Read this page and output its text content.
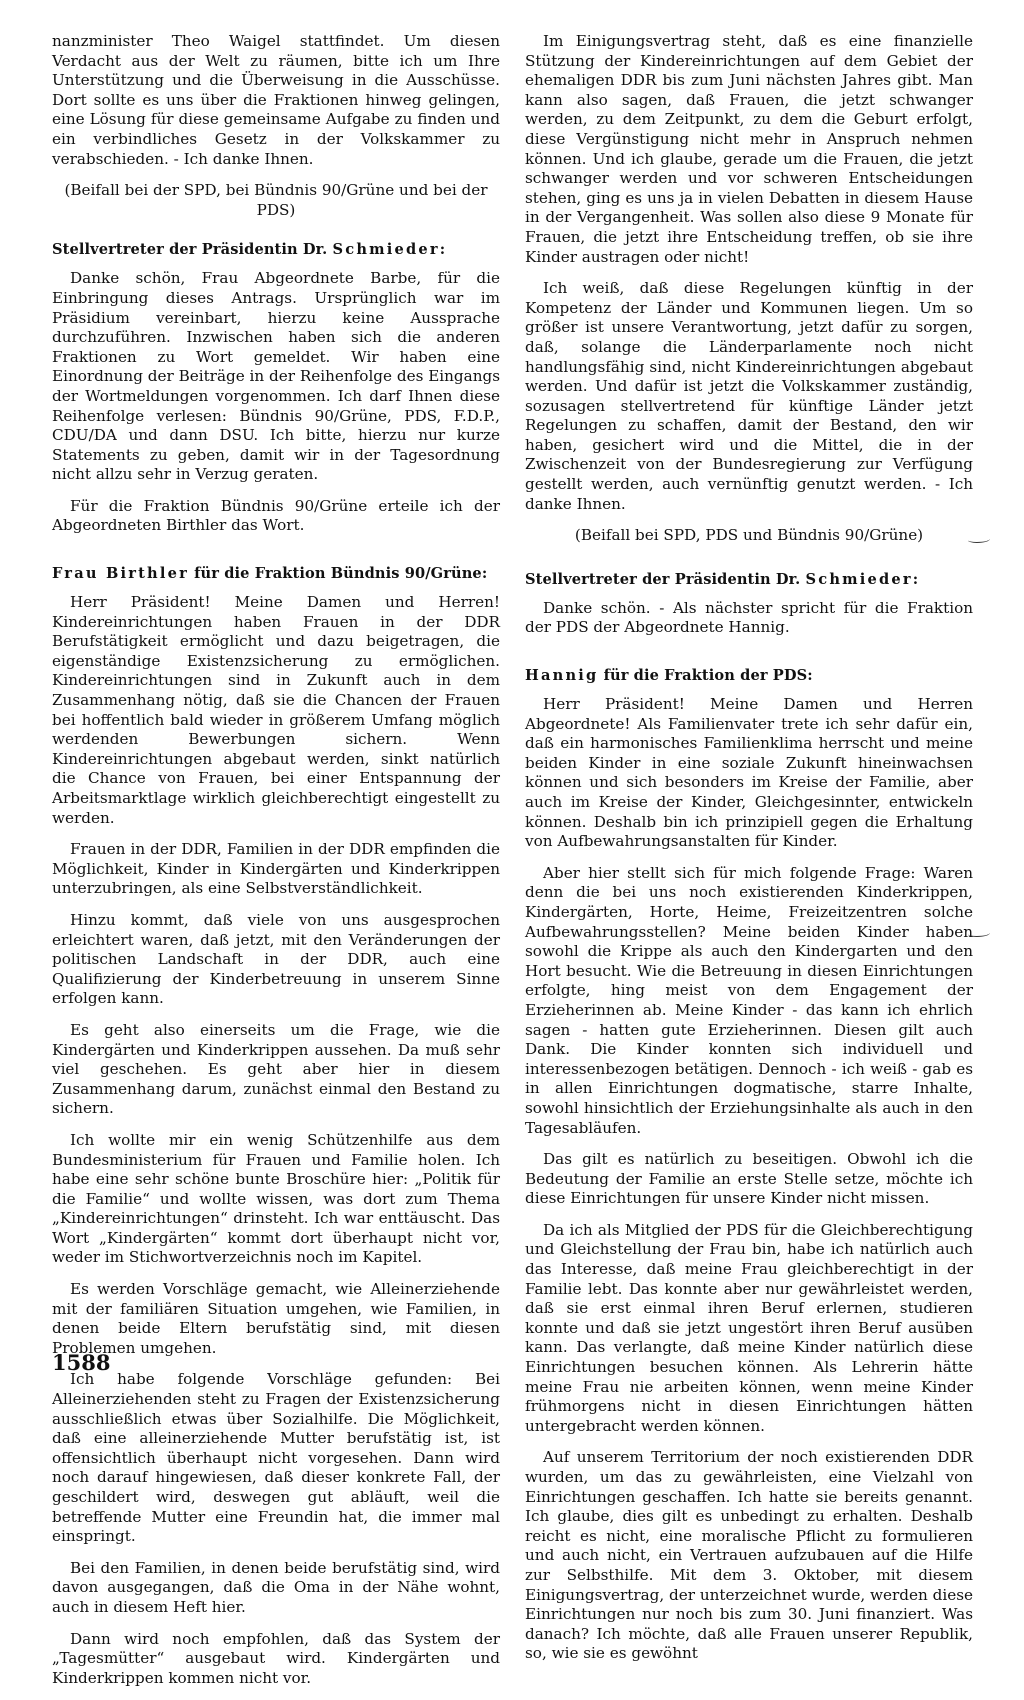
nanzminister Theo Waigel stattfindet. Um diesen Verdacht aus der Welt zu räumen, bitte ich um Ihre Unterstützung und die Überweisung in die Ausschüsse. Dort sollte es uns über die Fraktionen hinweg gelingen, eine Lösung für diese gemeinsame Aufgabe zu finden und ein verbindliches Gesetz in der Volkskammer zu verabschieden. - Ich danke Ihnen.

(Beifall bei der SPD, bei Bündnis 90/Grüne und bei der PDS)

Stellvertreter der Präsidentin Dr. Schmieder:

Danke schön, Frau Abgeordnete Barbe, für die Einbringung dieses Antrags. Ursprünglich war im Präsidium vereinbart, hierzu keine Aussprache durchzuführen. Inzwischen haben sich die anderen Fraktionen zu Wort gemeldet. Wir haben eine Einordnung der Beiträge in der Reihenfolge des Eingangs der Wortmeldungen vorgenommen. Ich darf Ihnen diese Reihenfolge verlesen: Bündnis 90/Grüne, PDS, F.D.P., CDU/DA und dann DSU. Ich bitte, hierzu nur kurze Statements zu geben, damit wir in der Tagesordnung nicht allzu sehr in Verzug geraten.

Für die Fraktion Bündnis 90/Grüne erteile ich der Abgeordneten Birthler das Wort.

Frau Birthler für die Fraktion Bündnis 90/Grüne:

Herr Präsident! Meine Damen und Herren! Kindereinrichtungen haben Frauen in der DDR Berufstätigkeit ermöglicht und dazu beigetragen, die eigenständige Existenzsicherung zu ermöglichen. Kindereinrichtungen sind in Zukunft auch in dem Zusammenhang nötig, daß sie die Chancen der Frauen bei hoffentlich bald wieder in größerem Umfang möglich werdenden Bewerbungen sichern. Wenn Kindereinrichtungen abgebaut werden, sinkt natürlich die Chance von Frauen, bei einer Entspannung der Arbeitsmarktlage wirklich gleichberechtigt eingestellt zu werden.

Frauen in der DDR, Familien in der DDR empfinden die Möglichkeit, Kinder in Kindergärten und Kinderkrippen unterzubringen, als eine Selbstverständlichkeit.

Hinzu kommt, daß viele von uns ausgesprochen erleichtert waren, daß jetzt, mit den Veränderungen der politischen Landschaft in der DDR, auch eine Qualifizierung der Kinderbetreuung in unserem Sinne erfolgen kann.

Es geht also einerseits um die Frage, wie die Kindergärten und Kinderkrippen aussehen. Da muß sehr viel geschehen. Es geht aber hier in diesem Zusammenhang darum, zunächst einmal den Bestand zu sichern.

Ich wollte mir ein wenig Schützenhilfe aus dem Bundesministerium für Frauen und Familie holen. Ich habe eine sehr schöne bunte Broschüre hier: „Politik für die Familie“ und wollte wissen, was dort zum Thema „Kindereinrichtungen“ drinsteht. Ich war enttäuscht. Das Wort „Kindergärten“ kommt dort überhaupt nicht vor, weder im Stichwortverzeichnis noch im Kapitel.

Es werden Vorschläge gemacht, wie Alleinerziehende mit der familiären Situation umgehen, wie Familien, in denen beide Eltern berufstätig sind, mit diesen Problemen umgehen.

Ich habe folgende Vorschläge gefunden: Bei Alleinerziehenden steht zu Fragen der Existenzsicherung ausschließlich etwas über Sozialhilfe. Die Möglichkeit, daß eine alleinerziehende Mutter berufstätig ist, ist offensichtlich überhaupt nicht vorgesehen. Dann wird noch darauf hingewiesen, daß dieser konkrete Fall, der geschildert wird, deswegen gut abläuft, weil die betreffende Mutter eine Freundin hat, die immer mal einspringt.

Bei den Familien, in denen beide berufstätig sind, wird davon ausgegangen, daß die Oma in der Nähe wohnt, auch in diesem Heft hier.

Dann wird noch empfohlen, daß das System der „Tagesmütter“ ausgebaut wird. Kindergärten und Kinderkrippen kommen nicht vor.

Im Einigungsvertrag steht, daß es eine finanzielle Stützung der Kindereinrichtungen auf dem Gebiet der ehemaligen DDR bis zum Juni nächsten Jahres gibt. Man kann also sagen, daß Frauen, die jetzt schwanger werden, zu dem Zeitpunkt, zu dem die Geburt erfolgt, diese Vergünstigung nicht mehr in Anspruch nehmen können. Und ich glaube, gerade um die Frauen, die jetzt schwanger werden und vor schweren Entscheidungen stehen, ging es uns ja in vielen Debatten in diesem Hause in der Vergangenheit. Was sollen also diese 9 Monate für Frauen, die jetzt ihre Entscheidung treffen, ob sie ihre Kinder austragen oder nicht!

Ich weiß, daß diese Regelungen künftig in der Kompetenz der Länder und Kommunen liegen. Um so größer ist unsere Verantwortung, jetzt dafür zu sorgen, daß, solange die Länderparlamente noch nicht handlungsfähig sind, nicht Kindereinrichtungen abgebaut werden. Und dafür ist jetzt die Volkskammer zuständig, sozusagen stellvertretend für künftige Länder jetzt Regelungen zu schaffen, damit der Bestand, den wir haben, gesichert wird und die Mittel, die in der Zwischenzeit von der Bundesregierung zur Verfügung gestellt werden, auch vernünftig genutzt werden. - Ich danke Ihnen.

(Beifall bei SPD, PDS und Bündnis 90/Grüne)

Stellvertreter der Präsidentin Dr. Schmieder:

Danke schön. - Als nächster spricht für die Fraktion der PDS der Abgeordnete Hannig.

Hannig für die Fraktion der PDS:

Herr Präsident! Meine Damen und Herren Abgeordnete! Als Familienvater trete ich sehr dafür ein, daß ein harmonisches Familienklima herrscht und meine beiden Kinder in eine soziale Zukunft hineinwachsen können und sich besonders im Kreise der Familie, aber auch im Kreise der Kinder, Gleichgesinnter, entwickeln können. Deshalb bin ich prinzipiell gegen die Erhaltung von Aufbewahrungsanstalten für Kinder.

Aber hier stellt sich für mich folgende Frage: Waren denn die bei uns noch existierenden Kinderkrippen, Kindergärten, Horte, Heime, Freizeitzentren solche Aufbewahrungsstellen? Meine beiden Kinder haben sowohl die Krippe als auch den Kindergarten und den Hort besucht. Wie die Betreuung in diesen Einrichtungen erfolgte, hing meist von dem Engagement der Erzieherinnen ab. Meine Kinder - das kann ich ehrlich sagen - hatten gute Erzieherinnen. Diesen gilt auch Dank. Die Kinder konnten sich individuell und interessenbezogen betätigen. Dennoch - ich weiß - gab es in allen Einrichtungen dogmatische, starre Inhalte, sowohl hinsichtlich der Erziehungsinhalte als auch in den Tagesabläufen.

Das gilt es natürlich zu beseitigen. Obwohl ich die Bedeutung der Familie an erste Stelle setze, möchte ich diese Einrichtungen für unsere Kinder nicht missen.

Da ich als Mitglied der PDS für die Gleichberechtigung und Gleichstellung der Frau bin, habe ich natürlich auch das Interesse, daß meine Frau gleichberechtigt in der Familie lebt. Das konnte aber nur gewährleistet werden, daß sie erst einmal ihren Beruf erlernen, studieren konnte und daß sie jetzt ungestört ihren Beruf ausüben kann. Das verlangte, daß meine Kinder natürlich diese Einrichtungen besuchen können. Als Lehrerin hätte meine Frau nie arbeiten können, wenn meine Kinder frühmorgens nicht in diesen Einrichtungen hätten untergebracht werden können.

Auf unserem Territorium der noch existierenden DDR wurden, um das zu gewährleisten, eine Vielzahl von Einrichtungen geschaffen. Ich hatte sie bereits genannt. Ich glaube, dies gilt es unbedingt zu erhalten. Deshalb reicht es nicht, eine moralische Pflicht zu formulieren und auch nicht, ein Vertrauen aufzubauen auf die Hilfe zur Selbsthilfe. Mit dem 3. Oktober, mit diesem Einigungsvertrag, der unterzeichnet wurde, werden diese Einrichtungen nur noch bis zum 30. Juni finanziert. Was danach? Ich möchte, daß alle Frauen unserer Republik, so, wie sie es gewöhnt

1588
